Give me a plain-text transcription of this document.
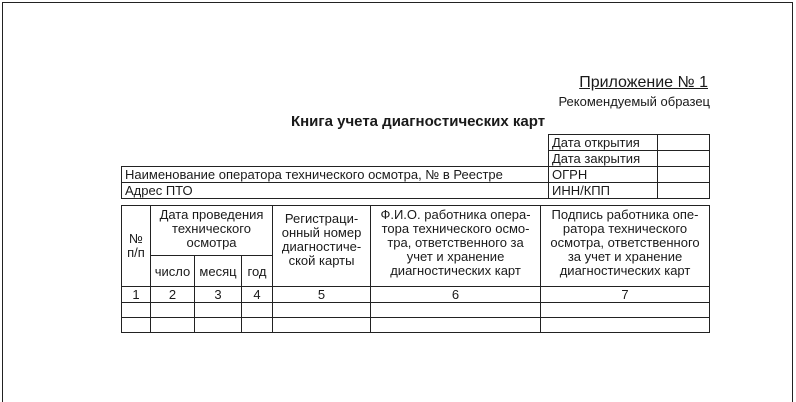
Приложение № 1
Рекомендуемый образец
Книга учета диагностических карт
	Дата открытия	
	Дата закрытия	
Наименование оператора технического осмотра, № в Реестре	ОГРН	
Адрес ПТО	ИНН/КПП	
№ п/п	Дата проведения технического осмотра			Регистраци-онный номер диагностиче-ской карты	Ф.И.О. работника опера-тора технического осмо-тра, ответственного за учет и хранение диагностических карт	Подпись работника опе-ратора технического осмотра, ответственного за учет и хранение диагностических карт
	число	месяц	год			
1	2	3	4	5	6	7
